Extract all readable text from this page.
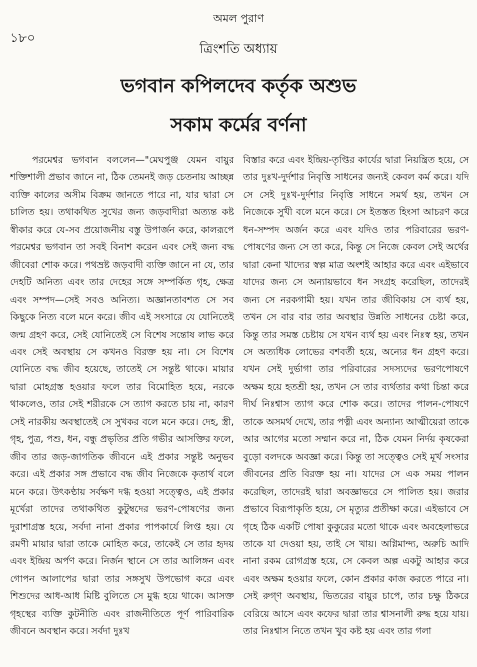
অমল পুরাণ
১৮০
ত্রিংশতি অধ্যায়
ভগবান কপিলদেব কর্তৃক অশুভ
সকাম কর্মের বর্ণনা

পরমেশ্বর ভগবান বললেন—"মেঘপুঞ্জ যেমন বায়ুর শক্তিশালী প্রভাব জানে না, ঠিক তেমনই জড় চেতনায় আচ্ছন্ন ব্যক্তি কালের অসীম বিক্রম জানতে পারে না, যার দ্বারা সে চালিত হয়। তথাকথিত সুখের জন্য জড়বাদীরা অত্যন্ত কষ্ট স্বীকার করে যে-সব প্রয়োজনীয় বস্তু উপার্জন করে, কালরূপে পরমেশ্বর ভগবান তা সবই বিনাশ করেন এবং সেই জন্য বদ্ধ জীবেরা শোক করে। পথভ্রষ্ট জড়বাদী ব্যক্তি জানে না যে, তার দেহটি অনিত্য এবং তার দেহের সঙ্গে সম্পর্কিত গৃহ, ক্ষেত্র এবং সম্পদ—সেই সবও অনিত্য। অজ্ঞানতাবশত সে সব কিছুকে নিত্য বলে মনে করে। জীব এই সংসারে যে যোনিতেই জন্ম গ্রহণ করে, সেই যোনিতেই সে বিশেষ সন্তোষ লাভ করে এবং সেই অবস্থায় সে কখনও বিরক্ত হয় না। সে বিশেষ যোনিতে বদ্ধ জীব হয়েছে, তাতেই সে সন্তুষ্ট থাকে। মায়ার দ্বারা মোহগ্রস্ত হওয়ার ফলে তার বিমোহিত হয়ে, নরকে থাকলেও, তার সেই শরীরকে সে ত্যাগ করতে চায় না, কারণ সেই নারকীয় অবস্থাতেই সে সুখকর বলে মনে করে। দেহ, স্ত্রী, গৃহ, পুত্র, পশু, ধন, বন্ধু প্রভৃতির প্রতি গভীর আসক্তির ফলে, জীব তার জড়-জাগতিক জীবনে এই প্রকার সন্তুষ্ট অনুভব করে। এই প্রকার সঙ্গ প্রভাবে বদ্ধ জীব নিজেকে কৃতার্থ বলে মনে করে। উৎকণ্ঠায় সর্বক্ষণ দগ্ধ হওয়া সত্ত্বেও, এই প্রকার মূর্খেরা তাদের তথাকথিত কুটুম্বদের ভরণ-পোষণের জন্য দুরাশাগ্রস্ত হয়ে, সর্বদা নানা প্রকার পাপকার্যে লিপ্ত হয়। যে রমণী মায়ার দ্বারা তাকে মোহিত করে, তাকেই সে তার হৃদয় এবং ইন্দ্রিয় অর্পণ করে। নির্জন স্থানে সে তার আলিঙ্গন এবং গোপন আলাপের দ্বারা তার সঙ্গসুখ উপভোগ করে এবং শিশুদের আধ-আধ মিষ্টি বুলিতে সে মুগ্ধ হয়ে থাকে। আসক্ত গৃহস্থের ব্যক্তি কুটনীতি এবং রাজনীতিতে পূর্ণ পারিবারিক জীবনে অবস্থান করে। সর্বদা দুঃখ

বিস্তার করে এবং ইন্দ্রিয়-তৃপ্তির কার্যের দ্বারা নিয়ন্ত্রিত হয়ে, সে তার দুঃখ-দুর্দশার নিবৃত্তি সাধনের জন্যই কেবল কর্ম করে। যদি সে সেই দুঃখ-দুর্দশার নিবৃত্তি সাধনে সমর্থ হয়, তখন সে নিজেকে সুখী বলে মনে করে। সে ইতস্তত হিংসা আচরণ করে ধন-সম্পদ অর্জন করে এবং যদিও তার পরিবারের ভরণ-পোষণের জন্য সে তা করে, কিন্তু সে নিজে কেবল সেই অর্থের দ্বারা কেনা খাদ্যের স্বল্প মাত্র অংশই আহার করে এবং এইভাবে যাদের জন্য সে অন্যায়ভাবে ধন সংগ্রহ করেছিল, তাদেরই জন্য সে নরকগামী হয়। যখন তার জীবিকায় সে ব্যর্থ হয়, তখন সে বার বার তার অবস্থার উন্নতি সাধনের চেষ্টা করে, কিন্তু তার সমস্ত চেষ্টায় সে যখন ব্যর্থ হয় এবং নিঃস্ব হয়, তখন সে অত্যধিক লোভের বশবর্তী হয়ে, অন্যের ধন গ্রহণ করে। যখন সেই দুর্ভাগা তার পরিবারের সদস্যদের ভরণপোষণে অক্ষম হয়ে হতশ্রী হয়, তখন সে তার ব্যর্থতার কথা চিন্তা করে দীর্ঘ নিঃশ্বাস ত্যাগ করে শোক করে। তাদের পালন-পোষণে তাকে অসমর্থ দেখে, তার পত্নী এবং অন্যান্য আত্মীয়েরা তাকে আর আগের মতো সম্মান করে না, ঠিক যেমন নির্দয় কৃষকেরা বুড়ো বলদকে অবজ্ঞা করে। কিন্তু তা সত্ত্বেও সেই মূর্খ সংসার জীবনের প্রতি বিরক্ত হয় না। যাদের সে এক সময় পালন করেছিল, তাদেরই দ্বারা অবজ্ঞাভরে সে পালিত হয়। জরার প্রভাবে বিরূপাকৃতি হয়ে, সে মৃত্যুর প্রতীক্ষা করে। এইভাবে সে গৃহে ঠিক একটি পোষা কুকুরের মতো থাকে এবং অবহেলাভরে তাকে যা দেওয়া হয়, তাই সে খায়। অগ্নিমান্দ্য, অরুচি আদি নানা রকম রোগগ্রস্ত হয়ে, সে কেবল অল্প একটু আহার করে এবং অক্ষম হওয়ার ফলে, কোন প্রকার কাজ করতে পারে না। সেই রুগ্ণ অবস্থায়, ভিতরের বায়ুর চাপে, তার চক্ষু ঠিকরে বেরিয়ে আসে এবং কফের দ্বারা তার শ্বাসনালী রুদ্ধ হয়ে যায়। তার নিঃশ্বাস নিতে তখন খুব কষ্ট হয় এবং তার গলা
